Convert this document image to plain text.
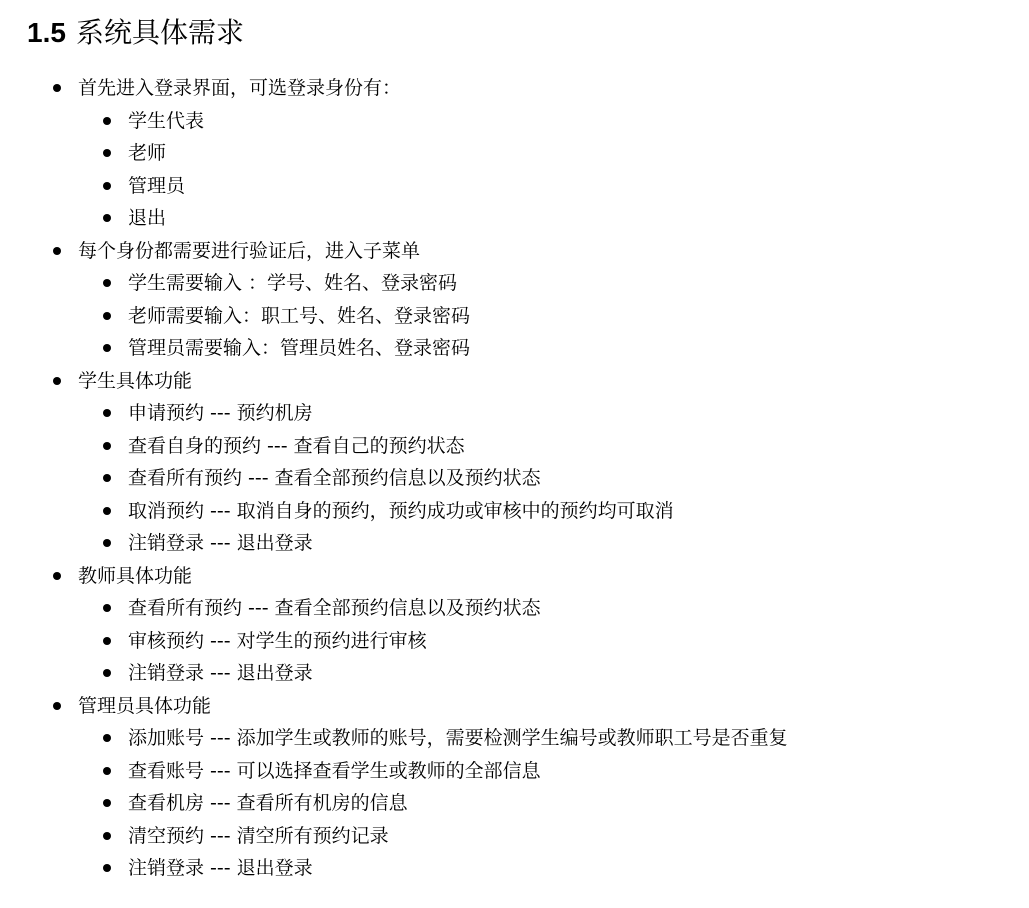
1.5 系统具体需求
首先进入登录界面，可选登录身份有：
学生代表
老师
管理员
退出
每个身份都需要进行验证后，进入子菜单
学生需要输入 ：学号、姓名、登录密码
老师需要输入：职工号、姓名、登录密码
管理员需要输入：管理员姓名、登录密码
学生具体功能
申请预约 --- 预约机房
查看自身的预约 --- 查看自己的预约状态
查看所有预约 --- 查看全部预约信息以及预约状态
取消预约 --- 取消自身的预约，预约成功或审核中的预约均可取消
注销登录 --- 退出登录
教师具体功能
查看所有预约 --- 查看全部预约信息以及预约状态
审核预约 --- 对学生的预约进行审核
注销登录 --- 退出登录
管理员具体功能
添加账号 --- 添加学生或教师的账号，需要检测学生编号或教师职工号是否重复
查看账号 --- 可以选择查看学生或教师的全部信息
查看机房 --- 查看所有机房的信息
清空预约 --- 清空所有预约记录
注销登录 --- 退出登录
